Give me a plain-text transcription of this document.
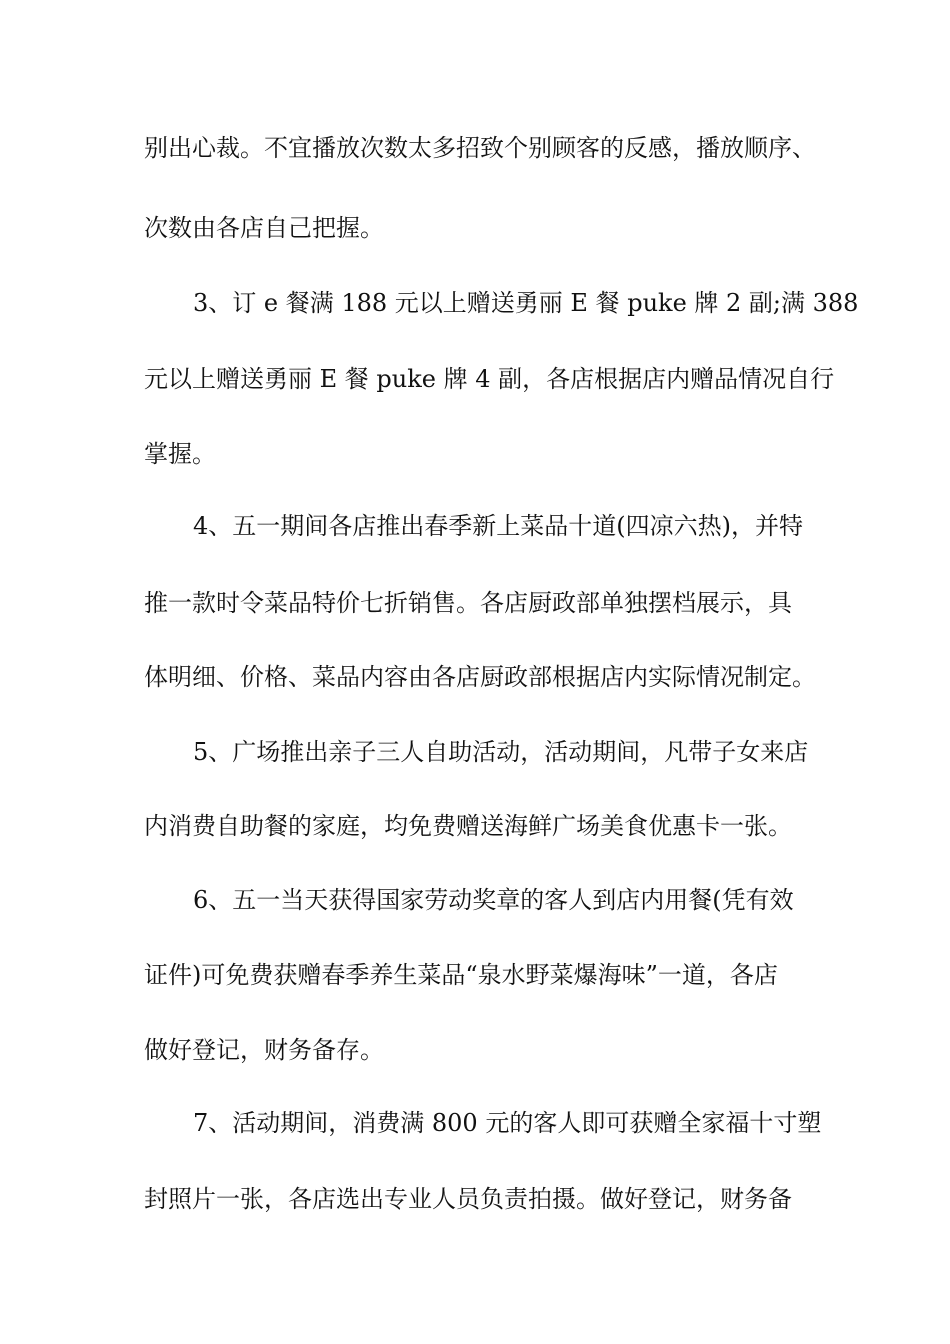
别出心裁。不宜播放次数太多招致个别顾客的反感，播放顺序、
次数由各店自己把握。
3、订 e 餐满 188 元以上赠送勇丽 E 餐 puke 牌 2 副;满 388
元以上赠送勇丽 E 餐 puke 牌 4 副，各店根据店内赠品情况自行
掌握。
4、五一期间各店推出春季新上菜品十道(四凉六热)，并特
推一款时令菜品特价七折销售。各店厨政部单独摆档展示，具
体明细、价格、菜品内容由各店厨政部根据店内实际情况制定。
5、广场推出亲子三人自助活动，活动期间，凡带子女来店
内消费自助餐的家庭，均免费赠送海鲜广场美食优惠卡一张。
6、五一当天获得国家劳动奖章的客人到店内用餐(凭有效
证件)可免费获赠春季养生菜品“泉水野菜爆海味”一道，各店
做好登记，财务备存。
7、活动期间，消费满 800 元的客人即可获赠全家福十寸塑
封照片一张，各店选出专业人员负责拍摄。做好登记，财务备
